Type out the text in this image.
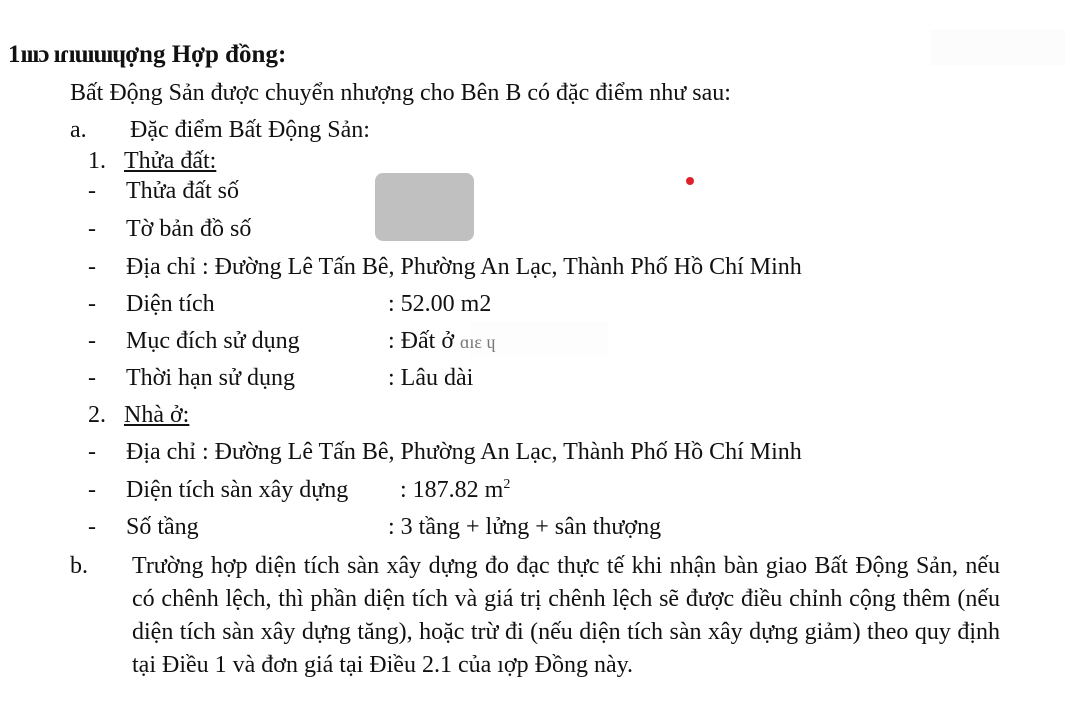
1ıııɔ ıɾıuıuıɥợng Hợp đồng:
Bất Động Sản được chuyển nhượng cho Bên B có đặc điểm như sau:
a. Đặc điểm Bất Động Sản:
1. Thửa đất:
- Thửa đất số
- Tờ bản đồ số
- Địa chỉ : Đường Lê Tấn Bê, Phường An Lạc, Thành Phố Hồ Chí Minh
- Diện tích	: 52.00 m2
- Mục đích sử dụng	: Đất ở ɑıɛ ɥ
- Thời hạn sử dụng	: Lâu dài
2. Nhà ở:
- Địa chỉ : Đường Lê Tấn Bê, Phường An Lạc, Thành Phố Hồ Chí Minh
- Diện tích sàn xây dựng : 187.82 $m^2$
- Số tầng	: 3 tầng + lửng + sân thượng
b. Trường hợp diện tích sàn xây dựng đo đạc thực tế khi nhận bàn giao Bất Động Sản, nếu có chênh lệch, thì phần diện tích và giá trị chênh lệch sẽ được điều chỉnh cộng thêm (nếu diện tích sàn xây dựng tăng), hoặc trừ đi (nếu diện tích sàn xây dựng giảm) theo quy định tại Điều 1 và đơn giá tại Điều 2.1 của ıợp Đồng này.
